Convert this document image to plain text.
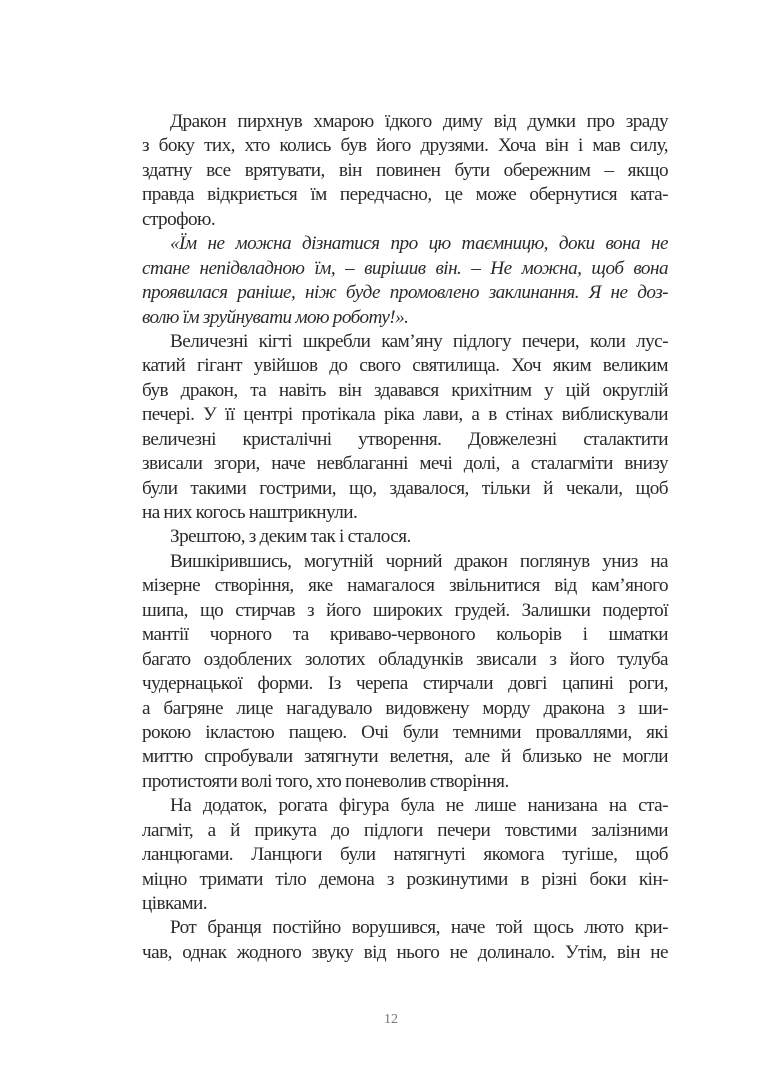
Дракон пирхнув хмарою їдкого диму від думки про зраду
з боку тих, хто колись був його друзями. Хоча він і мав силу,
здатну все врятувати, він повинен бути обережним – якщо
правда відкриється їм передчасно, це може обернутися ката-
строфою.
«Їм не можна дізнатися про цю таємницю, доки вона не
стане непідвладною їм, – вирішив він. – Не можна, щоб вона
проявилася раніше, ніж буде промовлено заклинання. Я не доз-
волю їм зруйнувати мою роботу!».
Величезні кігті шкребли кам’яну підлогу печери, коли лус-
катий гігант увійшов до свого святилища. Хоч яким великим
був дракон, та навіть він здавався крихітним у цій округлій
печері. У її центрі протікала ріка лави, а в стінах виблискували
величезні кристалічні утворення. Довжелезні сталактити
звисали згори, наче невблаганні мечі долі, а сталагміти внизу
були такими гострими, що, здавалося, тільки й чекали, щоб
на них когось наштрикнули.
Зрештою, з деким так і сталося.
Вишкірившись, могутній чорний дракон поглянув униз на
мізерне створіння, яке намагалося звільнитися від кам’яного
шипа, що стирчав з його широких грудей. Залишки подертої
мантії чорного та криваво-червоного кольорів і шматки
багато оздоблених золотих обладунків звисали з його тулуба
чудернацької форми. Із черепа стирчали довгі цапині роги,
а багряне лице нагадувало видовжену морду дракона з ши-
рокою ікластою пащею. Очі були темними проваллями, які
миттю спробували затягнути велетня, але й близько не могли
протистояти волі того, хто поневолив створіння.
На додаток, рогата фігура була не лише нанизана на ста-
лагміт, а й прикута до підлоги печери товстими залізними
ланцюгами. Ланцюги були натягнуті якомога тугіше, щоб
міцно тримати тіло демона з розкинутими в різні боки кін-
цівками.
Рот бранця постійно ворушився, наче той щось люто кри-
чав, однак жодного звуку від нього не долинало. Утім, він не
12
